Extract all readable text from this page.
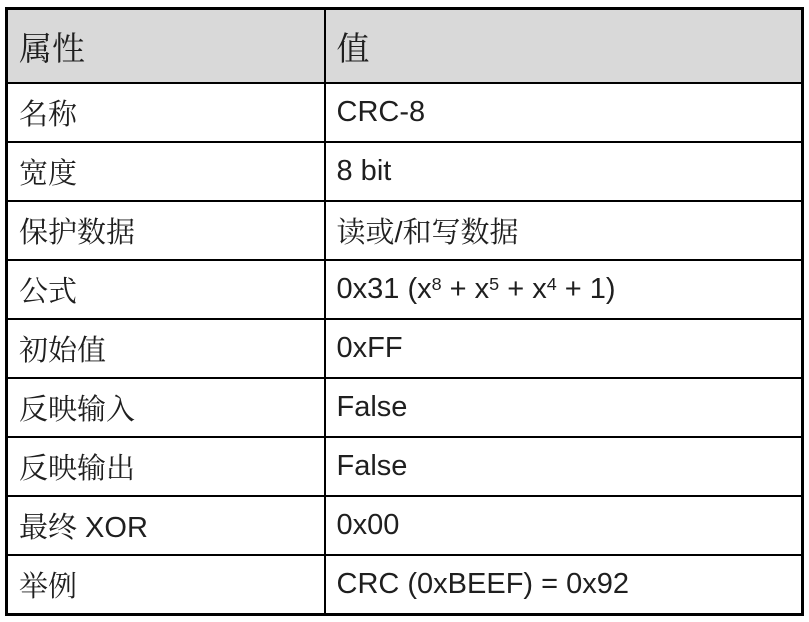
属性	值
名称	CRC-8
宽度	8 bit
保护数据	读或/和写数据
公式	0x31 $(x^8 + x^5 + x^4 + 1)$
初始值	0xFF
反映输入	False
反映输出	False
最终 XOR	0x00
举例	CRC (0xBEEF) = 0x92
